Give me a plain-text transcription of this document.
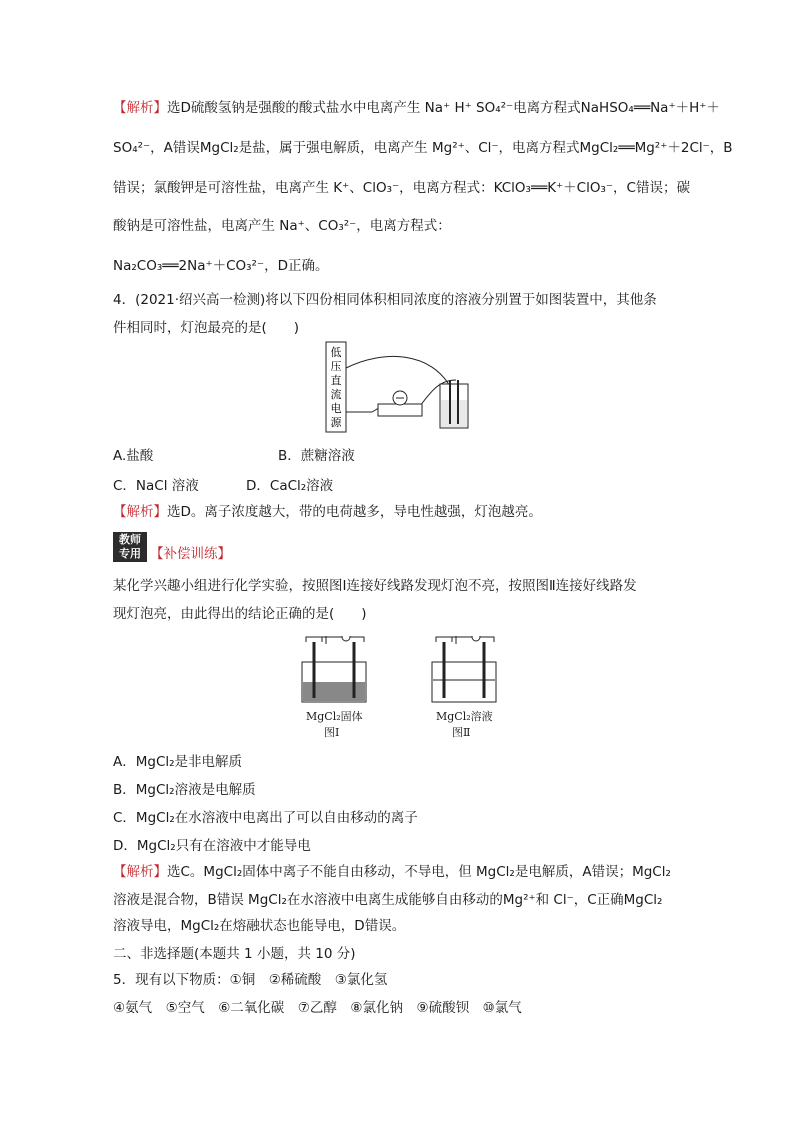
【解析】选D硫酸氢钠是强酸的酸式盐水中电离产生 Na⁺ H⁺ SO₄²⁻电离方程式NaHSO₄══Na⁺＋H⁺＋
SO₄²⁻，A错误MgCl₂是盐，属于强电解质，电离产生 Mg²⁺、Cl⁻，电离方程式MgCl₂══Mg²⁺＋2Cl⁻，B
错误；氯酸钾是可溶性盐，电离产生 K⁺、ClO₃⁻，电离方程式：KClO₃══K⁺＋ClO₃⁻，C错误；碳
酸钠是可溶性盐，电离产生 Na⁺、CO₃²⁻，电离方程式：
Na₂CO₃══2Na⁺＋CO₃²⁻，D正确。
4．(2021·绍兴高一检测)将以下四份相同体积相同浓度的溶液分别置于如图装置中，其他条
件相同时，灯泡最亮的是(　　)
低压直流电源
A.盐酸	B．蔗糖溶液
C．NaCl 溶液	D．CaCl₂溶液
【解析】选D。离子浓度越大，带的电荷越多，导电性越强，灯泡越亮。
教师
专用 【补偿训练】
某化学兴趣小组进行化学实验，按照图Ⅰ连接好线路发现灯泡不亮，按照图Ⅱ连接好线路发
现灯泡亮，由此得出的结论正确的是(　　)
MgCl₂固体
图Ⅰ
MgCl₂溶液
图Ⅱ
A．MgCl₂是非电解质
B．MgCl₂溶液是电解质
C．MgCl₂在水溶液中电离出了可以自由移动的离子
D．MgCl₂只有在溶液中才能导电
【解析】选C。MgCl₂固体中离子不能自由移动，不导电，但 MgCl₂是电解质，A错误；MgCl₂
溶液是混合物，B错误 MgCl₂在水溶液中电离生成能够自由移动的Mg²⁺和 Cl⁻，C正确MgCl₂
溶液导电，MgCl₂在熔融状态也能导电，D错误。
二、非选择题(本题共 1 小题，共 10 分)
5．现有以下物质：①铜　②稀硫酸　③氯化氢
④氨气　⑤空气　⑥二氧化碳　⑦乙醇　⑧氯化钠　⑨硫酸钡　⑩氯气
